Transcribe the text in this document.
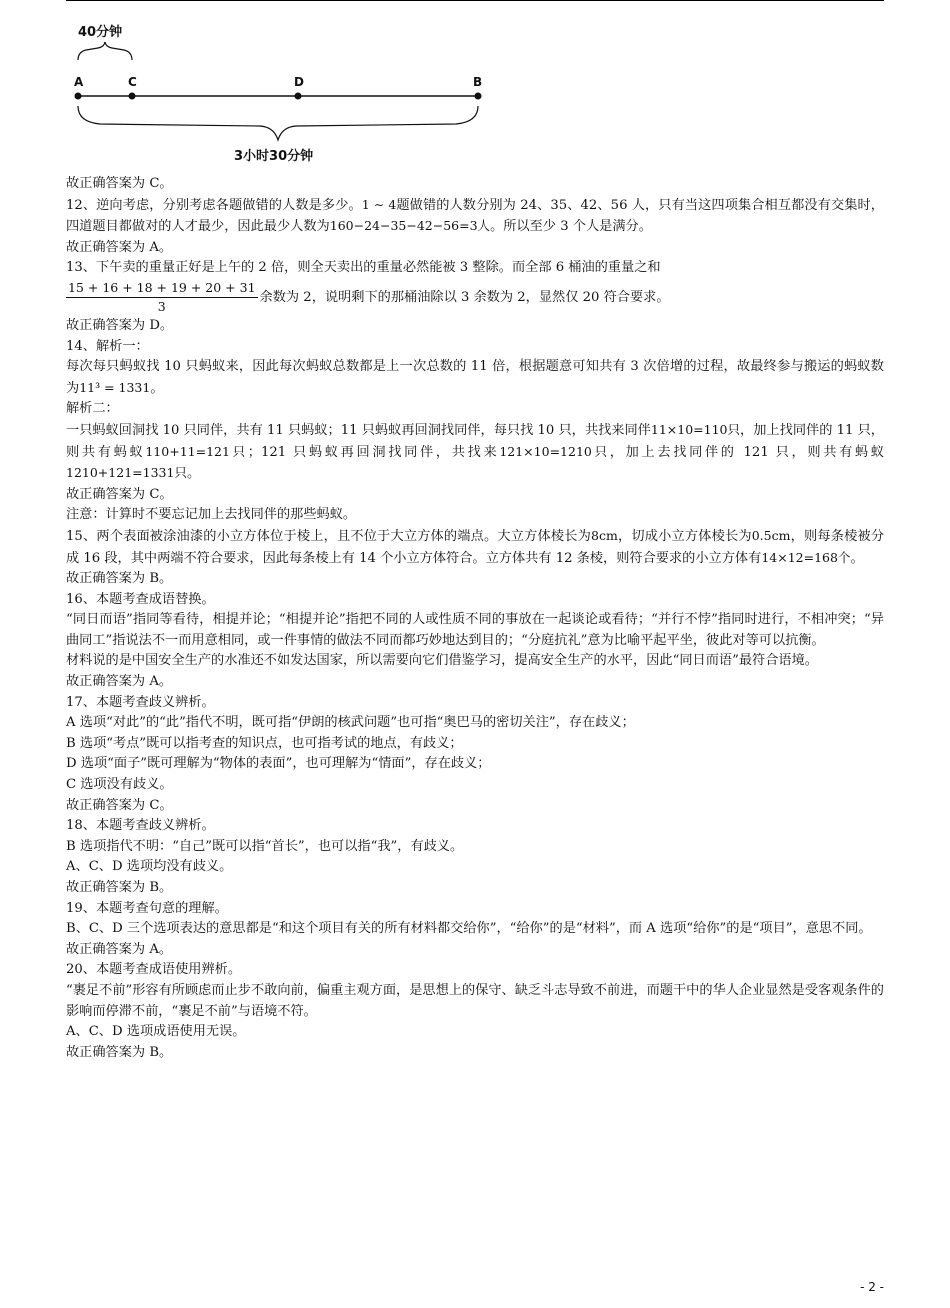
40分钟
A	C	D	B
3小时30分钟

故正确答案为 C。

12、逆向考虑，分别考虑各题做错的人数是多少。1 ∼ 4题做错的人数分别为 24、35、42、56 人，只有当这四项集合相互都没有交集时，四道题目都做对的人才最少，因此最少人数为160−24−35−42−56=3人。所以至少 3 个人是满分。

故正确答案为 A。

13、下午卖的重量正好是上午的 2 倍，则全天卖出的重量必然能被 3 整除。而全部 6 桶油的重量之和

$\frac{15 + 16 + 18 + 19 + 20 + 31}{3}$ 余数为 2，说明剩下的那桶油除以 3 余数为 2，显然仅 20 符合要求。

故正确答案为 D。

14、解析一：

每次每只蚂蚁找 10 只蚂蚁来，因此每次蚂蚁总数都是上一次总数的 11 倍，根据题意可知共有 3 次倍增的过程，故最终参与搬运的蚂蚁数为11³ = 1331。

解析二：

一只蚂蚁回洞找 10 只同伴，共有 11 只蚂蚁；11 只蚂蚁再回洞找同伴，每只找 10 只，共找来同伴11×10=110只，加上找同伴的 11 只，则共有蚂蚁110+11=121只；121 只蚂蚁再回洞找同伴，共找来121×10=1210只，加上去找同伴的 121 只，则共有蚂蚁1210+121=1331只。

故正确答案为 C。

注意：计算时不要忘记加上去找同伴的那些蚂蚁。

15、两个表面被涂油漆的小立方体位于棱上，且不位于大立方体的端点。大立方体棱长为8cm，切成小立方体棱长为0.5cm，则每条棱被分成 16 段，其中两端不符合要求，因此每条棱上有 14 个小立方体符合。立方体共有 12 条棱，则符合要求的小立方体有14×12=168个。

故正确答案为 B。

16、本题考查成语替换。

“同日而语”指同等看待，相提并论；“相提并论”指把不同的人或性质不同的事放在一起谈论或看待；“并行不悖”指同时进行，不相冲突；“异曲同工”指说法不一而用意相同，或一件事情的做法不同而都巧妙地达到目的；“分庭抗礼”意为比喻平起平坐，彼此对等可以抗衡。

材料说的是中国安全生产的水准还不如发达国家，所以需要向它们借鉴学习，提高安全生产的水平，因此“同日而语”最符合语境。

故正确答案为 A。

17、本题考查歧义辨析。

A 选项“对此”的“此”指代不明，既可指“伊朗的核武问题”也可指“奥巴马的密切关注”，存在歧义；

B 选项“考点”既可以指考查的知识点，也可指考试的地点，有歧义；

D 选项“面子”既可理解为“物体的表面”，也可理解为“情面”，存在歧义；

C 选项没有歧义。

故正确答案为 C。

18、本题考查歧义辨析。

B 选项指代不明：“自己”既可以指“首长”，也可以指“我”，有歧义。

A、C、D 选项均没有歧义。

故正确答案为 B。

19、本题考查句意的理解。

B、C、D 三个选项表达的意思都是“和这个项目有关的所有材料都交给你”，“给你”的是“材料”，而 A 选项“给你”的是“项目”，意思不同。

故正确答案为 A。

20、本题考查成语使用辨析。

“裹足不前”形容有所顾虑而止步不敢向前，偏重主观方面，是思想上的保守、缺乏斗志导致不前进，而题干中的华人企业显然是受客观条件的影响而停滞不前，“裹足不前”与语境不符。

A、C、D 选项成语使用无误。

故正确答案为 B。

- 2 -
